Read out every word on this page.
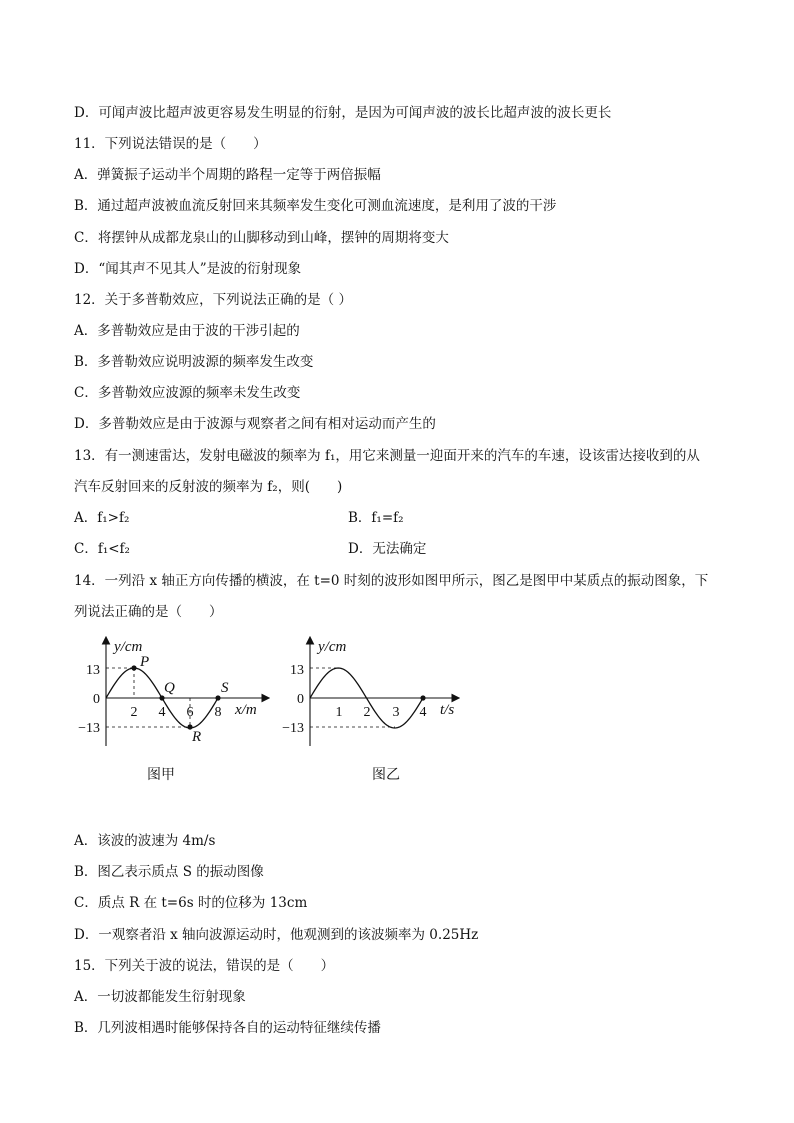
D．可闻声波比超声波更容易发生明显的衍射，是因为可闻声波的波长比超声波的波长更长
11．下列说法错误的是（　　）
A．弹簧振子运动半个周期的路程一定等于两倍振幅
B．通过超声波被血流反射回来其频率发生变化可测血流速度，是利用了波的干涉
C．将摆钟从成都龙泉山的山脚移动到山峰，摆钟的周期将变大
D．“闻其声不见其人”是波的衍射现象
12．关于多普勒效应，下列说法正确的是（ ）
A．多普勒效应是由于波的干涉引起的
B．多普勒效应说明波源的频率发生改变
C．多普勒效应波源的频率未发生改变
D．多普勒效应是由于波源与观察者之间有相对运动而产生的
13．有一测速雷达，发射电磁波的频率为 f₁，用它来测量一迎面开来的汽车的车速，设该雷达接收到的从
汽车反射回来的反射波的频率为 f₂，则(　　)
A．f₁>f₂	B．f₁=f₂
C．f₁<f₂	D．无法确定
14．一列沿 x 轴正方向传播的横波，在 t=0 时刻的波形如图甲所示，图乙是图甲中某质点的振动图象，下
列说法正确的是（　　）
y/cm
x/m
13
0
−13
2 4 6 8
P
Q
R
S
图甲
y/cm
t/s
13
0
−13
1 2 3 4
图乙
A．该波的波速为 4m/s
B．图乙表示质点 S 的振动图像
C．质点 R 在 t=6s 时的位移为 13cm
D．一观察者沿 x 轴向波源运动时，他观测到的该波频率为 0.25Hz
15．下列关于波的说法，错误的是（　　）
A．一切波都能发生衍射现象
B．几列波相遇时能够保持各自的运动特征继续传播
